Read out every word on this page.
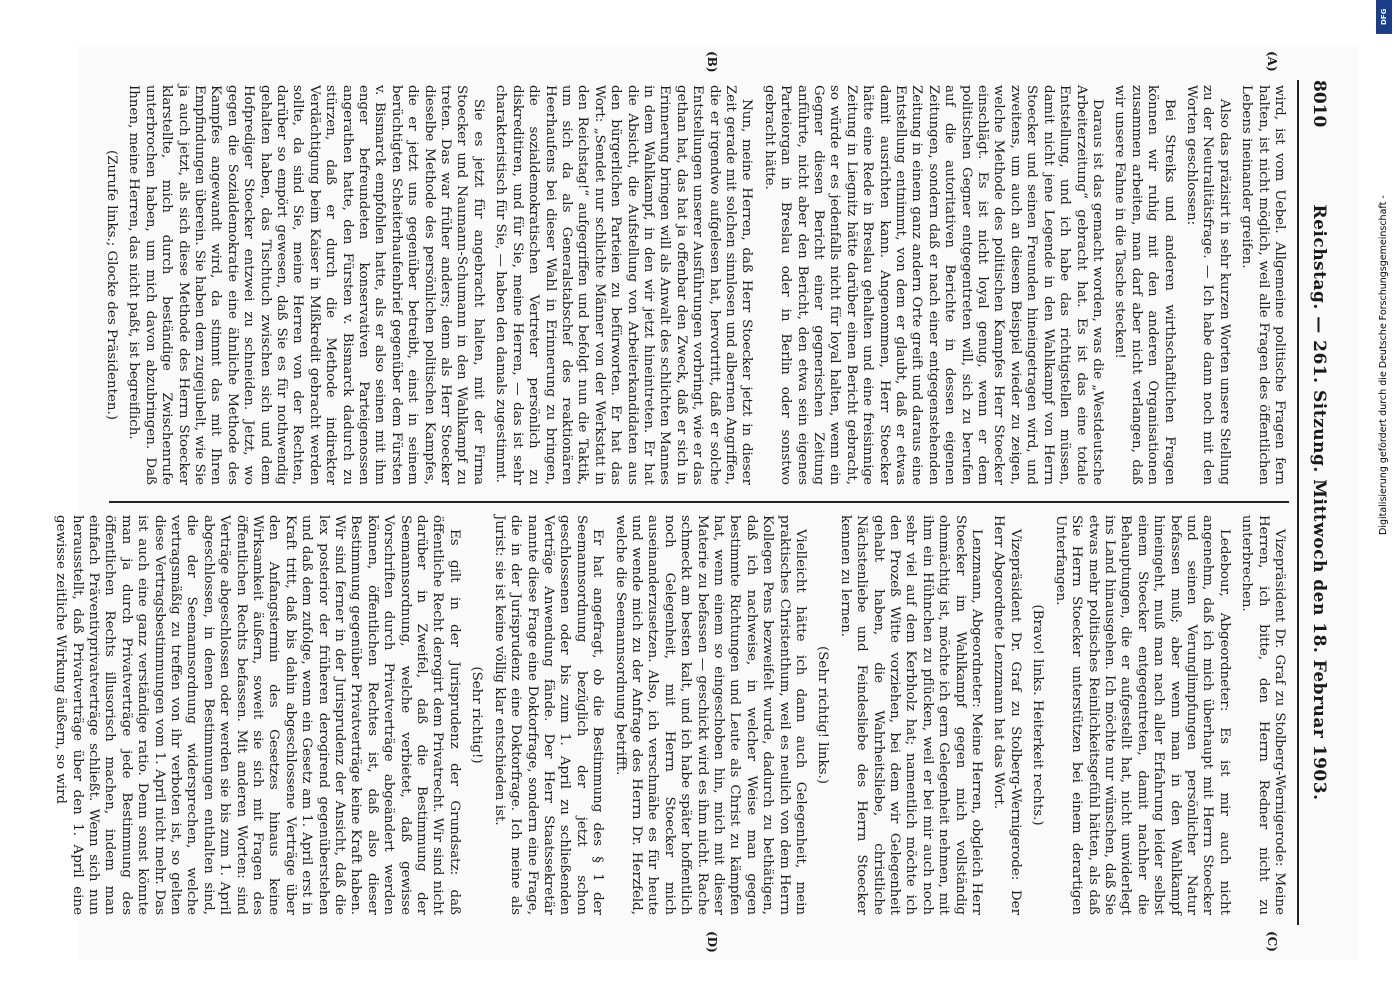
8010
Reichstag. — 261. Sitzung. Mittwoch den 18. Februar 1903.
(A)
(B)
(C)
(D)

wird, ist vom Uebel. Allgemeine politische Fragen fern halten, ist nicht möglich, weil alle Fragen des öffentlichen Lebens ineinander greifen.

Also das präzisirt in sehr kurzen Worten unsere Stellung zu der Neutralitätsfrage. — Ich habe dann noch mit den Worten geschlossen:

Bei Streiks und anderen wirthschaftlichen Fragen können wir ruhig mit den anderen Organisationen zusammen arbeiten, man darf aber nicht verlangen, daß wir unsere Fahne in die Tasche stecken!

Daraus ist das gemacht worden, was die „Westdeutsche Arbeiterzeitung“ gebracht hat. Es ist das eine totale Entstellung, und ich habe das richtigstellen müssen, damit nicht jene Legende in den Wahlkampf von Herrn Stoecker und seinen Freunden hineingetragen wird, und zweitens, um auch an diesem Beispiel wieder zu zeigen, welche Methode des politischen Kampfes Herr Stoecker einschlägt. Es ist nicht loyal genug, wenn er dem politischen Gegner entgegentreten will, sich zu berufen auf die autoritativen Berichte in dessen eigenen Zeitungen, sondern daß er nach einer entgegenstehenden Zeitung in einem ganz andern Orte greift und daraus eine Entstellung entnimmt, von dem er glaubt, daß er etwas damit ausrichten kann. Angenommen, Herr Stoecker hätte eine Rede in Breslau gehalten und eine freisinnige Zeitung in Liegnitz hätte darüber einen Bericht gebracht, so würde er es jedenfalls nicht für loyal halten, wenn ein Gegner diesen Bericht einer gegnerischen Zeitung anführte, nicht aber den Bericht, den etwa sein eigenes Parteiorgan in Breslau oder in Berlin oder sonstwo gebracht hätte.

Nun, meine Herren, daß Herr Stoecker jetzt in dieser Zeit gerade mit solchen sinnlosen und albernen Angriffen, die er irgendwo aufgelesen hat, hervortritt, daß er solche Entstellungen unserer Ausführungen vorbringt, wie er das gethan hat, das hat ja offenbar den Zweck, daß er sich in Erinnerung bringen will als Anwalt des schlichten Mannes in dem Wahlkampf, in den wir jetzt hineintreten. Er hat die Absicht, die Aufstellung von Arbeiterkandidaten aus den bürgerlichen Parteien zu befürworten. Er hat das Wort: „Sendet nur schlichte Männer von der Werkstatt in den Reichstag!“ aufgegriffen und befolgt nun die Taktik, um sich da als Generalstabschef des reaktionären Heerhaufens bei dieser Wahl in Erinnerung zu bringen, die sozialdemokratischen Vertreter persönlich zu diskreditiren, und für Sie, meine Herren, — das ist sehr charakteristisch für Sie, — haben den damals zugestimmt.

Sie es jetzt für angebracht halten, mit der Firma Stoecker und Naumann-Schumann in den Wahlkampf zu treten. Das war früher anders; denn als Herr Stoecker dieselbe Methode des persönlichen politischen Kampfes, die er jetzt uns gegenüber betreibt, einst in seinem berüchtigten Scheiterhaufenbrief gegenüber dem Fürsten v. Bismarck empfohlen hatte, als er also seinen mit ihm enger befreundeten konservativen Parteigenossen angerathen hatte, den Fürsten v. Bismarck dadurch zu stürzen, daß er durch die Methode indirekter Verdächtigung beim Kaiser in Mißkredit gebracht werden sollte, da sind Sie, meine Herren von der Rechten, darüber so empört gewesen, daß Sie es für nothwendig gehalten haben, das Tischtuch zwischen sich und dem Hofprediger Stoecker entzwei zu schneiden. Jetzt, wo gegen die Sozialdemokratie eine ähnliche Methode des Kampfes angewandt wird, da stimmt das mit Ihren Empfindungen überein. Sie haben dem zugejubelt, wie Sie ja auch jetzt, als sich diese Methode des Herrn Stoecker klarstellte, mich durch beständige Zwischenrufe unterbrochen haben, um mich davon abzubringen. Daß Ihnen, meine Herren, das nicht paßt, ist begreiflich.

(Zurufe links.; Glocke des Präsidenten.)

Vizepräsident Dr. Graf zu Stolberg-Wernigerode: Meine Herren, ich bitte, den Herrn Redner nicht zu unterbrechen.

Ledebour, Abgeordneter: Es ist mir auch nicht angenehm, daß ich mich überhaupt mit Herrn Stoecker und seinen Verunglimpfungen persönlicher Natur befassen muß; aber wenn man in den Wahlkampf hineingeht, muß man nach aller Erfahrung leider selbst einem Stoecker entgegentreten, damit nachher die Behauptungen, die er aufgestellt hat, nicht unwiderlegt ins Land hinausgehen. Ich möchte nur wünschen, daß Sie etwas mehr politisches Reinlichkeitsgefühl hätten, als daß Sie Herrn Stoecker unterstützen bei einem derartigen Unterfangen.

(Bravo! links. Heiterkeit rechts.)

Vizepräsident Dr. Graf zu Stolberg-Wernigerode: Der Herr Abgeordnete Lenzmann hat das Wort.

Lenzmann, Abgeordneter: Meine Herren, obgleich Herr Stoecker im Wahlkampf gegen mich vollständig ohnmächtig ist, möchte ich gern Gelegenheit nehmen, mit ihm ein Hühnchen zu pflücken, weil er bei mir auch noch sehr viel auf dem Kerbholz hat; namentlich möchte ich den Prozeß Witte vorziehen, bei dem wir Gelegenheit gehabt haben, die Wahrheitsliebe, christliche Nächstenliebe und Feindesliebe des Herrn Stoecker kennen zu lernen.

(Sehr richtig! links.)

Vielleicht hätte ich dann auch Gelegenheit, mein praktisches Christenthum, weil es neulich von dem Herrn Kollegen Pens bezweifelt wurde, dadurch zu bethätigen, daß ich nachweise, in welcher Weise man gegen bestimmte Richtungen und Leute als Christ zu kämpfen hat, wenn einem so eingeschoben hin, mich mit dieser Materie zu befassen — geschickt wird es ihm nicht. Rache schmeckt am besten kalt, und ich habe später hoffentlich noch Gelegenheit, mit Herrn Stoecker mich auseinanderzusetzen. Also, ich verschmähe es für heute und wende mich zu der Anfrage des Herrn Dr. Herzfeld, welche die Seemannsordnung betrifft.

Er hat angefragt, ob die Bestimmung des § 1 der Seemannsordnung bezüglich der jetzt schon geschlossenen oder bis zum 1. April zu schließenden Verträge Anwendung fände. Der Herr Staatssekretär nannte diese Frage eine Doktorfrage, sondern eine Frage, die in der Jurisprudenz eine Doktorfrage. Ich meine als Jurist: sie ist keine völlig klar entschieden ist.

(Sehr richtig!)

Es gilt in der Jurisprudenz der Grundsatz: daß öffentliche Recht derogirt dem Privatrecht. Wir sind nicht darüber in Zweifel, daß die Bestimmung der Seemannsordnung, welche verbietet, daß gewisse Vorschriften durch Privatverträge abgeändert werden können, öffentlichen Rechtes ist, daß also dieser Bestimmung gegenüber Privatverträge keine Kraft haben. Wir sind ferner in der Jurisprudenz der Ansicht, daß die lex posterior der früheren derogirend gegenüberstehen und daß dem zufolge, wenn ein Gesetz am 1. April erst in Kraft tritt, daß bis dahin abgeschlossene Verträge über den Anfangstermin des Gesetzes hinaus keine Wirksamkeit äußern, soweit sie sich mit Fragen des öffentlichen Rechts befassen. Mit anderen Worten: sind Verträge abgeschlossen oder werden sie bis zum 1. April abgeschlossen, in denen Bestimmungen enthalten sind, die der Seemannsordnung widersprechen, welche vertragsmäßig zu treffen von ihr verboten ist, so gelten diese Vertragsbestimmungen vom 1. April nicht mehr. Das ist auch eine ganz verständige ratio. Denn sonst könnte man ja durch Privatverträge jede Bestimmung des öffentlichen Rechts illusorisch machen, indem man einfach Präventivprivatverträge schließt. Wenn sich nun herausstellt, daß Privatverträge über den 1. April eine gewisse zeitliche Wirkung äußern, so wird

DFG
Digitalisierung gefördert durch die Deutsche Forschungsgemeinschaft -
